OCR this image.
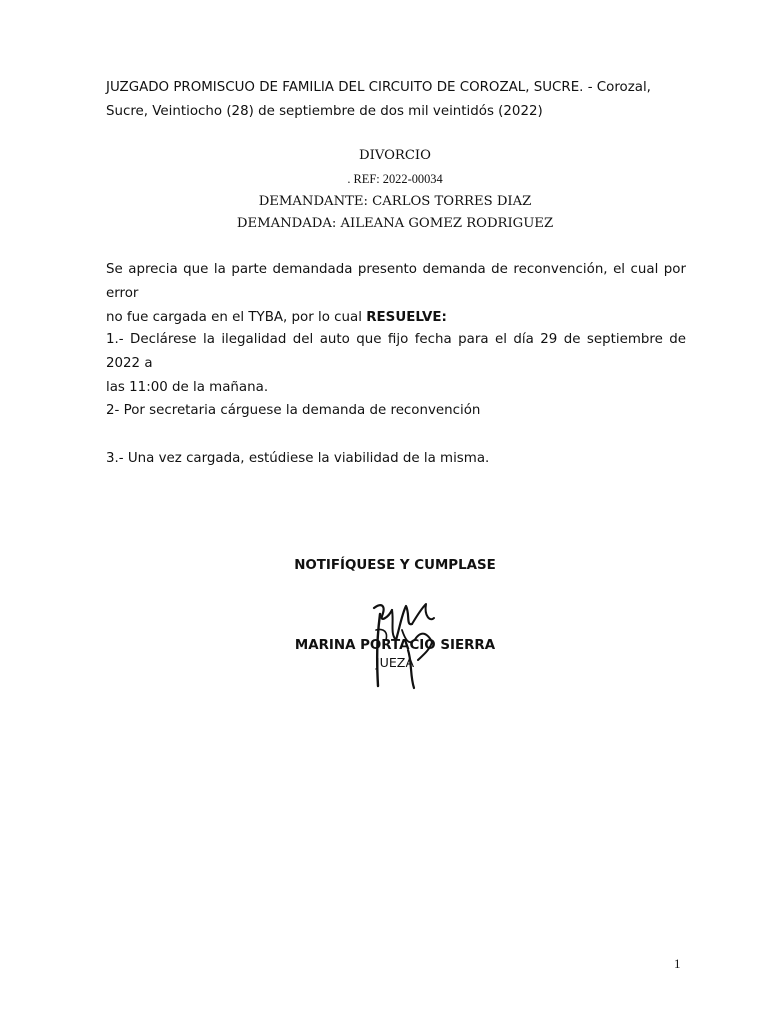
JUZGADO PROMISCUO DE FAMILIA DEL CIRCUITO DE COROZAL, SUCRE. - Corozal,
Sucre, Veintiocho (28) de septiembre de dos mil veintidós (2022)

DIVORCIO

. REF: 2022-00034

DEMANDANTE: CARLOS TORRES DIAZ

DEMANDADA: AILEANA GOMEZ RODRIGUEZ

Se aprecia que la parte demandada presento demanda de reconvención, el cual por error
no fue cargada en el TYBA, por lo cual RESUELVE:

1.- Declárese la ilegalidad del auto que fijo fecha para el día 29 de septiembre de 2022 a
las 11:00 de la mañana.

2- Por secretaria cárguese la demanda de reconvención

3.- Una vez cargada, estúdiese la viabilidad de la misma.

NOTIFÍQUESE Y CUMPLASE

MARINA PORTACIO SIERRA

JUEZA

1
